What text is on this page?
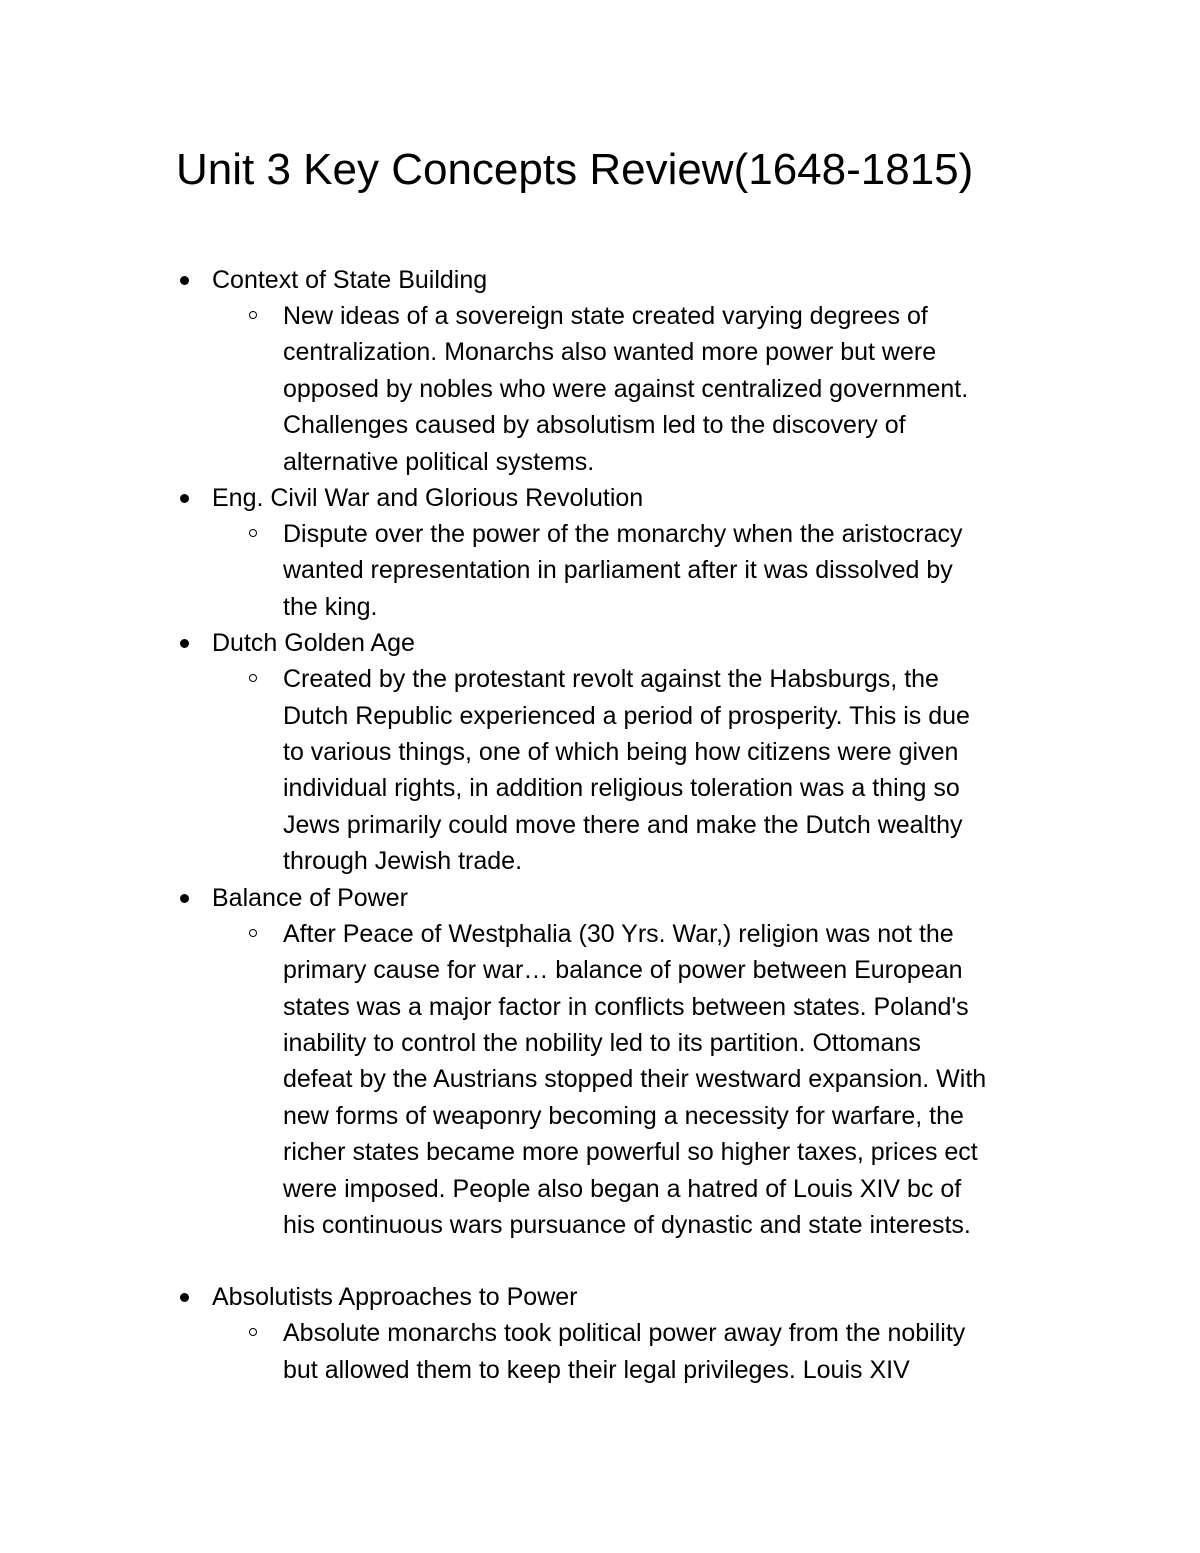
Unit 3 Key Concepts Review(1648-1815)
Context of State Building
New ideas of a sovereign state created varying degrees of
centralization. Monarchs also wanted more power but were
opposed by nobles who were against centralized government.
Challenges caused by absolutism led to the discovery of
alternative political systems.
Eng. Civil War and Glorious Revolution
Dispute over the power of the monarchy when the aristocracy
wanted representation in parliament after it was dissolved by
the king.
Dutch Golden Age
Created by the protestant revolt against the Habsburgs, the
Dutch Republic experienced a period of prosperity. This is due
to various things, one of which being how citizens were given
individual rights, in addition religious toleration was a thing so
Jews primarily could move there and make the Dutch wealthy
through Jewish trade.
Balance of Power
After Peace of Westphalia (30 Yrs. War,) religion was not the
primary cause for war… balance of power between European
states was a major factor in conflicts between states. Poland's
inability to control the nobility led to its partition. Ottomans
defeat by the Austrians stopped their westward expansion. With
new forms of weaponry becoming a necessity for warfare, the
richer states became more powerful so higher taxes, prices ect
were imposed. People also began a hatred of Louis XIV bc of
his continuous wars pursuance of dynastic and state interests.
Absolutists Approaches to Power
Absolute monarchs took political power away from the nobility
but allowed them to keep their legal privileges. Louis XIV
